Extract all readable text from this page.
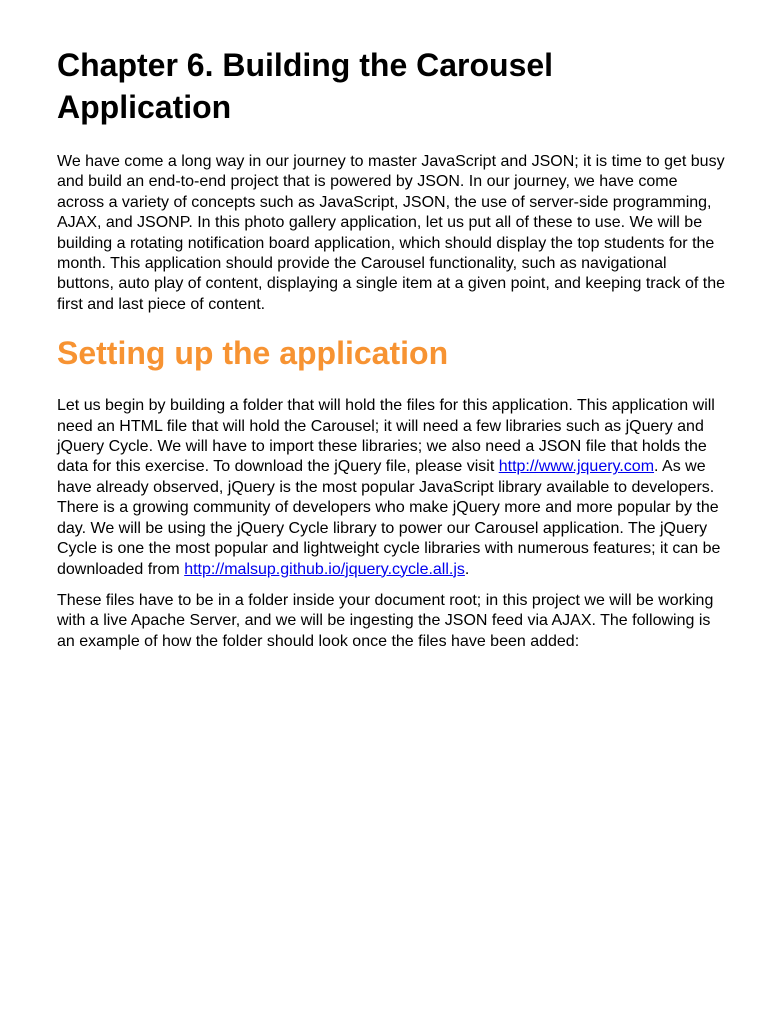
Chapter 6. Building the Carousel
Application

We have come a long way in our journey to master JavaScript and JSON; it is time to get busy and build an end-to-end project that is powered by JSON. In our journey, we have come across a variety of concepts such as JavaScript, JSON, the use of server-side programming, AJAX, and JSONP. In this photo gallery application, let us put all of these to use. We will be building a rotating notification board application, which should display the top students for the month. This application should provide the Carousel functionality, such as navigational buttons, auto play of content, displaying a single item at a given point, and keeping track of the first and last piece of content.

Setting up the application

Let us begin by building a folder that will hold the files for this application. This application will need an HTML file that will hold the Carousel; it will need a few libraries such as jQuery and jQuery Cycle. We will have to import these libraries; we also need a JSON file that holds the data for this exercise. To download the jQuery file, please visit http://www.jquery.com. As we have already observed, jQuery is the most popular JavaScript library available to developers. There is a growing community of developers who make jQuery more and more popular by the day. We will be using the jQuery Cycle library to power our Carousel application. The jQuery Cycle is one the most popular and lightweight cycle libraries with numerous features; it can be downloaded from http://malsup.github.io/jquery.cycle.all.js.

These files have to be in a folder inside your document root; in this project we will be working with a live Apache Server, and we will be ingesting the JSON feed via AJAX. The following is an example of how the folder should look once the files have been added:
